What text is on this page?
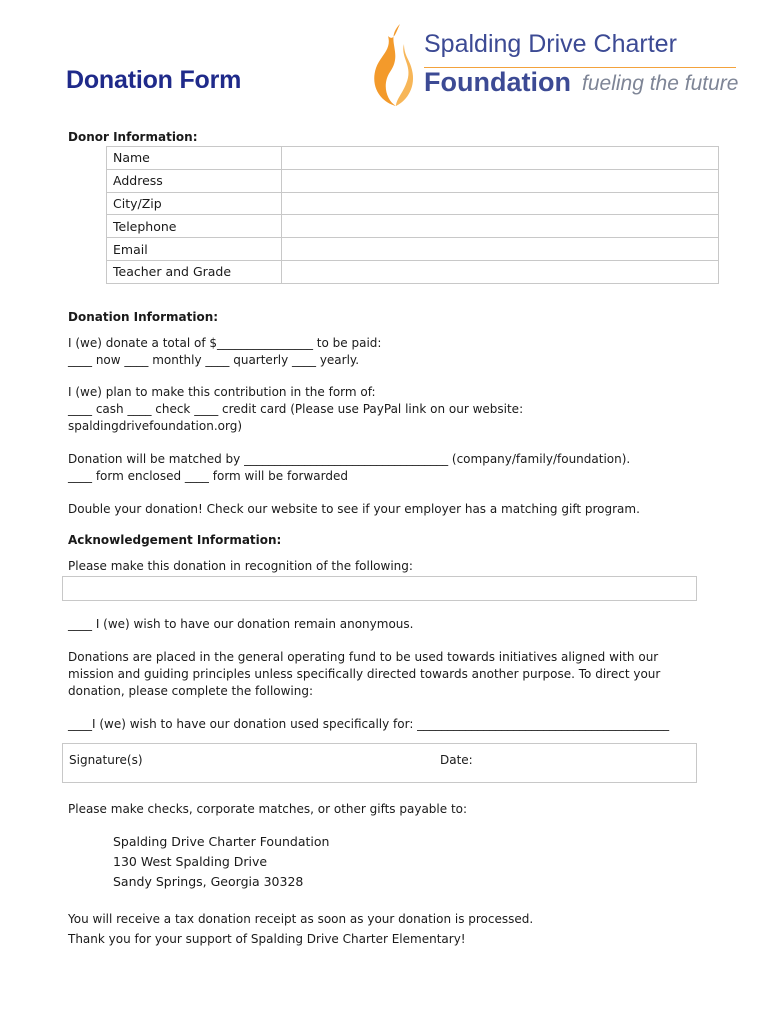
Donation Form
Spalding Drive Charter
Foundation fueling the future
Donor Information:
Name	
Address	
City/Zip	
Telephone	
Email	
Teacher and Grade	
Donation Information:
I (we) donate a total of $________________ to be paid:
____ now ____ monthly ____ quarterly ____ yearly.
I (we) plan to make this contribution in the form of:
____ cash ____ check ____ credit card (Please use PayPal link on our website:
spaldingdrivefoundation.org)
Donation will be matched by __________________________________ (company/family/foundation).
____ form enclosed ____ form will be forwarded
Double your donation! Check our website to see if your employer has a matching gift program.
Acknowledgement Information:
Please make this donation in recognition of the following:
____ I (we) wish to have our donation remain anonymous.
Donations are placed in the general operating fund to be used towards initiatives aligned with our
mission and guiding principles unless specifically directed towards another purpose. To direct your
donation, please complete the following:
____I (we) wish to have our donation used specifically for: __________________________________________
Signature(s)	Date:
Please make checks, corporate matches, or other gifts payable to:
Spalding Drive Charter Foundation
130 West Spalding Drive
Sandy Springs, Georgia 30328
You will receive a tax donation receipt as soon as your donation is processed.
Thank you for your support of Spalding Drive Charter Elementary!
